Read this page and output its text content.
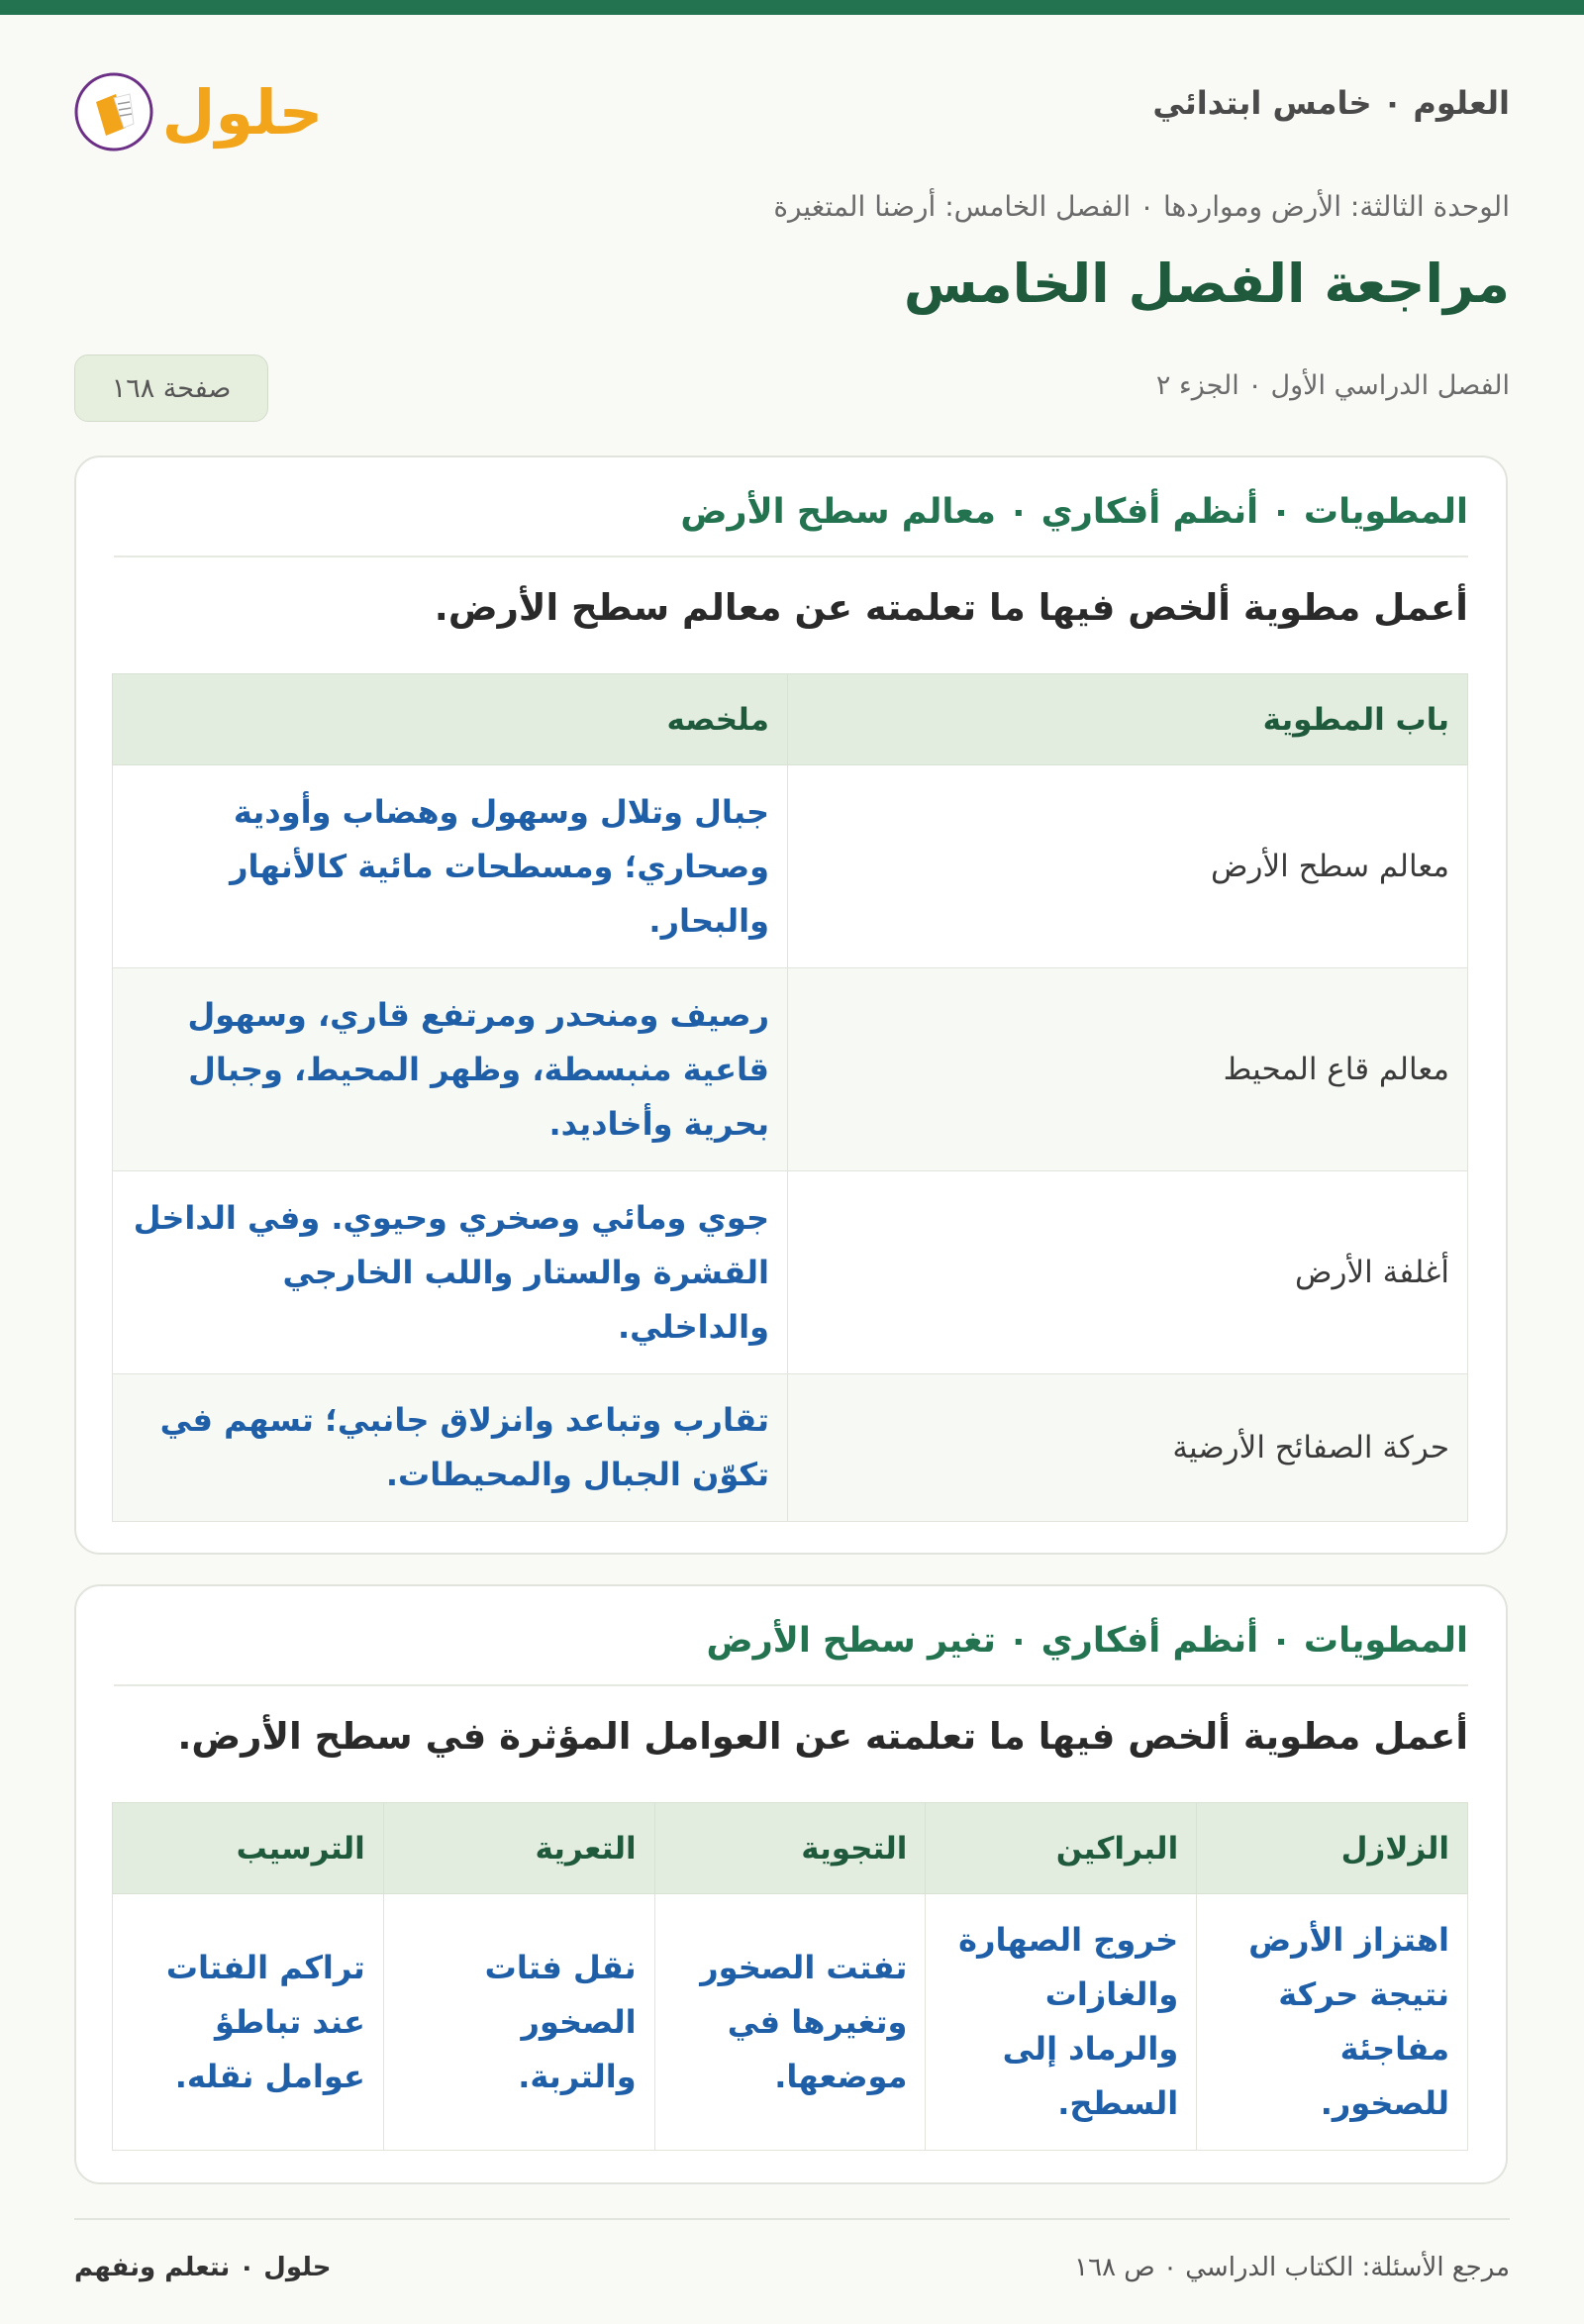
العلوم ٠ خامس ابتدائي
حلول
الوحدة الثالثة: الأرض ومواردها ٠ الفصل الخامس: أرضنا المتغيرة
مراجعة الفصل الخامس
الفصل الدراسي الأول ٠ الجزء ٢
صفحة ١٦٨
المطويات ٠ أنظم أفكاري ٠ معالم سطح الأرض
أعمل مطوية ألخص فيها ما تعلمته عن معالم سطح الأرض.
باب المطوية	ملخصه
معالم سطح الأرض	جبال وتلال وسهول وهضاب وأودية وصحاري؛ ومسطحات مائية كالأنهار والبحار.
معالم قاع المحيط	رصيف ومنحدر ومرتفع قاري، وسهول قاعية منبسطة، وظهر المحيط، وجبال بحرية وأخاديد.
أغلفة الأرض	جوي ومائي وصخري وحيوي. وفي الداخل القشرة والستار واللب الخارجي والداخلي.
حركة الصفائح الأرضية	تقارب وتباعد وانزلاق جانبي؛ تسهم في تكوّن الجبال والمحيطات.
المطويات ٠ أنظم أفكاري ٠ تغير سطح الأرض
أعمل مطوية ألخص فيها ما تعلمته عن العوامل المؤثرة في سطح الأرض.
الزلازل	البراكين	التجوية	التعرية	الترسيب
اهتزاز الأرض نتيجة حركة مفاجئة للصخور.	خروج الصهارة والغازات والرماد إلى السطح.	تفتت الصخور وتغيرها في موضعها.	نقل فتات الصخور والتربة.	تراكم الفتات عند تباطؤ عوامل نقله.
مرجع الأسئلة: الكتاب الدراسي ٠ ص ١٦٨
حلول ٠ نتعلم ونفهم
